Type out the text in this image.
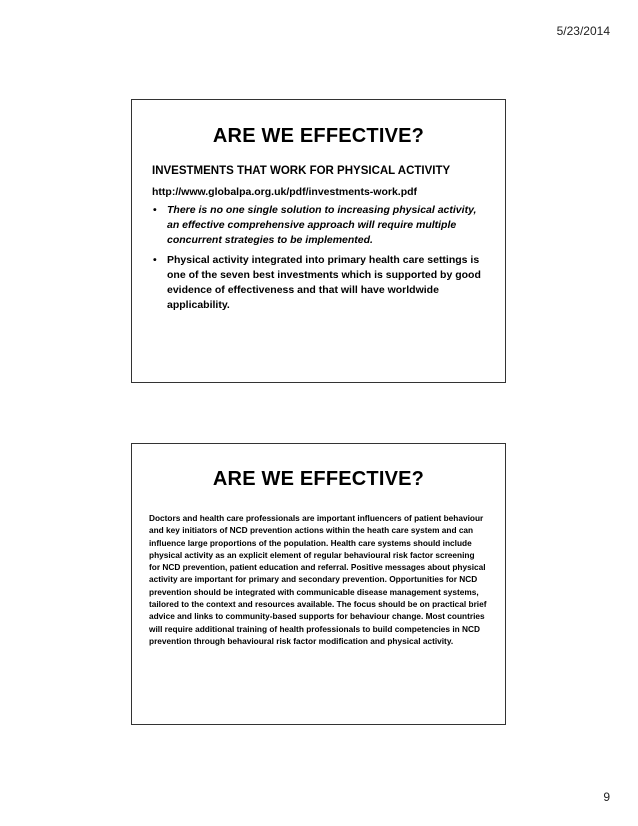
5/23/2014
ARE WE EFFECTIVE?
INVESTMENTS THAT WORK FOR PHYSICAL ACTIVITY
http://www.globalpa.org.uk/pdf/investments-work.pdf
• There is no one single solution to increasing physical activity, an effective comprehensive approach will require multiple concurrent strategies to be implemented.
• Physical activity integrated into primary health care settings is one of the seven best investments which is supported by good evidence of effectiveness and that will have worldwide applicability.
ARE WE EFFECTIVE?

Doctors and health care professionals are important influencers of patient behaviour and key initiators of NCD prevention actions within the heath care system and can influence large proportions of the population. Health care systems should include physical activity as an explicit element of regular behavioural risk factor screening for NCD prevention, patient education and referral. Positive messages about physical activity are important for primary and secondary prevention. Opportunities for NCD prevention should be integrated with communicable disease management systems, tailored to the context and resources available. The focus should be on practical brief advice and links to community-based supports for behaviour change. Most countries will require additional training of health professionals to build competencies in NCD prevention through behavioural risk factor modification and physical activity.

9
